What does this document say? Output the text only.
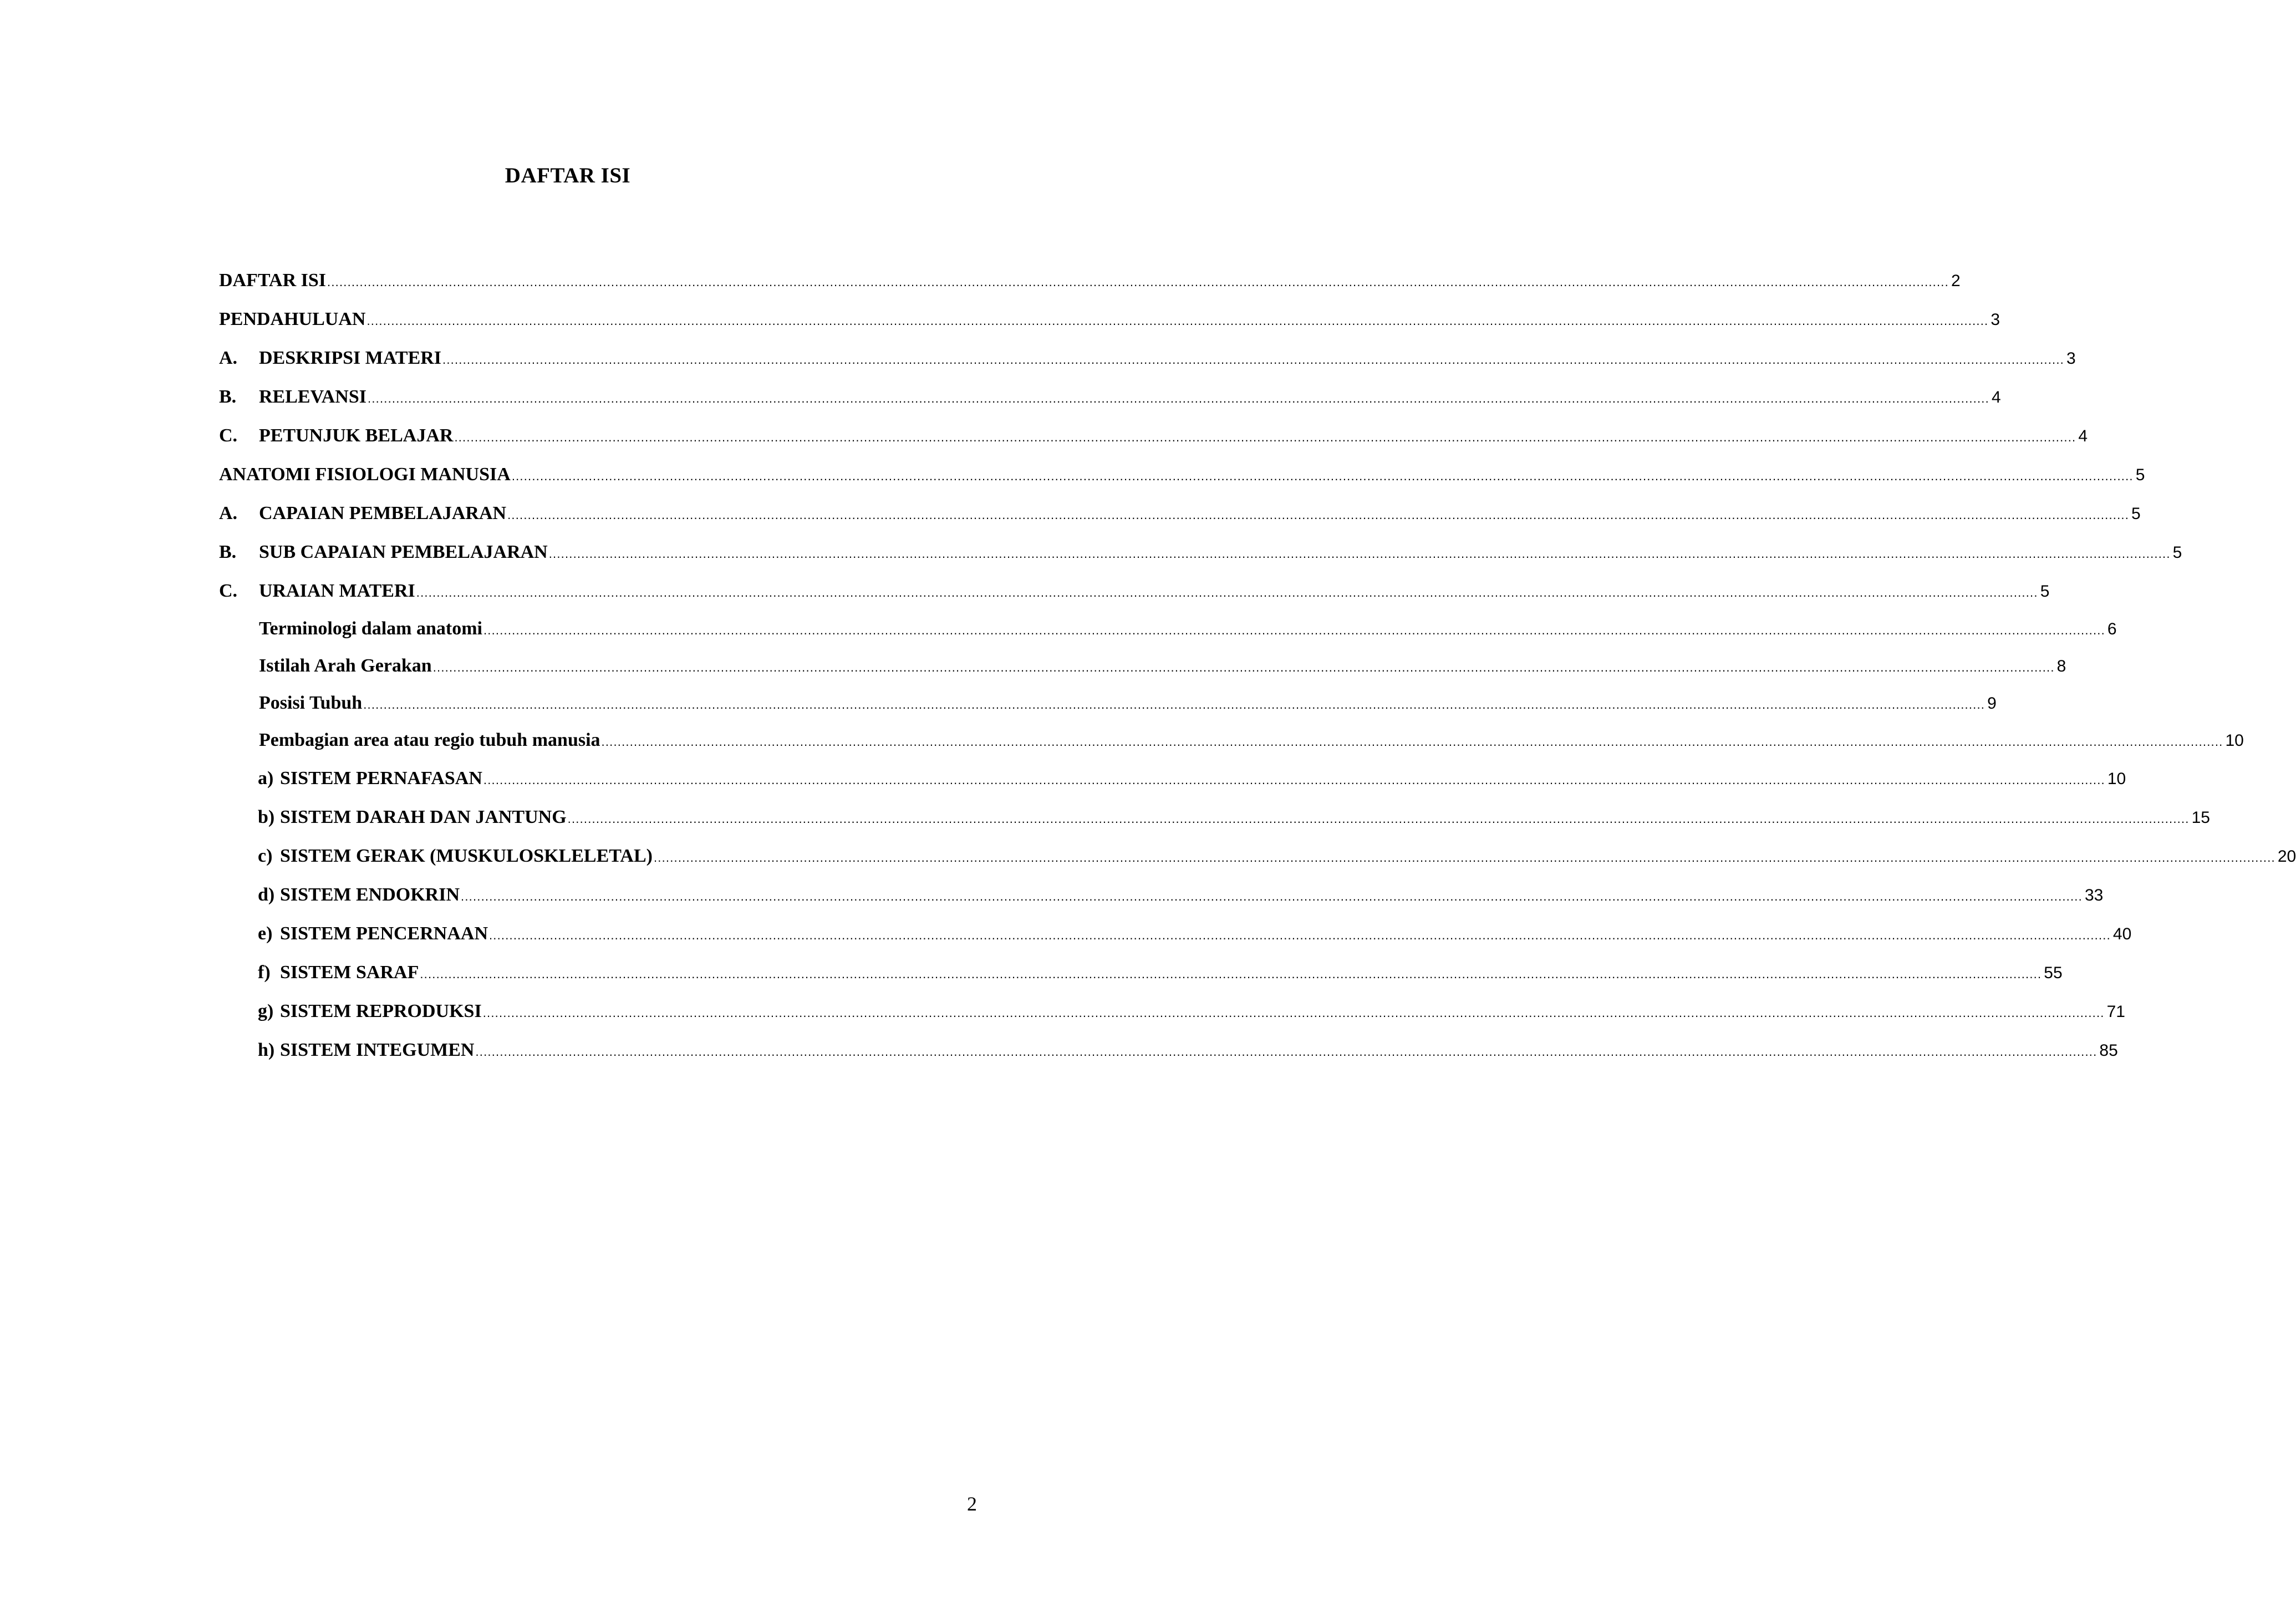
DAFTAR ISI
DAFTAR ISI ................................................................................................................................................................................................................................................................................................................................................................................................................ 2
PENDAHULUAN ................................................................................................................................................................................................................................................................................................................................................................................................................ 3
A.	DESKRIPSI MATERI ................................................................................................................................................................................................................................................................................................................................................................................................................ 3
B.	RELEVANSI ................................................................................................................................................................................................................................................................................................................................................................................................................ 4
C.	PETUNJUK BELAJAR ................................................................................................................................................................................................................................................................................................................................................................................................................ 4
ANATOMI FISIOLOGI MANUSIA ................................................................................................................................................................................................................................................................................................................................................................................................................ 5
A.	CAPAIAN PEMBELAJARAN ................................................................................................................................................................................................................................................................................................................................................................................................................ 5
B.	SUB CAPAIAN PEMBELAJARAN ................................................................................................................................................................................................................................................................................................................................................................................................................ 5
C.	URAIAN MATERI ................................................................................................................................................................................................................................................................................................................................................................................................................ 5
Terminologi dalam anatomi ................................................................................................................................................................................................................................................................................................................................................................................................................ 6
Istilah Arah Gerakan ................................................................................................................................................................................................................................................................................................................................................................................................................ 8
Posisi Tubuh ................................................................................................................................................................................................................................................................................................................................................................................................................ 9
Pembagian area atau regio tubuh manusia ................................................................................................................................................................................................................................................................................................................................................................................................................ 10
a) SISTEM PERNAFASAN ................................................................................................................................................................................................................................................................................................................................................................................................................ 10
b) SISTEM DARAH DAN JANTUNG ................................................................................................................................................................................................................................................................................................................................................................................................................ 15
c) SISTEM GERAK (MUSKULOSKLELETAL) ................................................................................................................................................................................................................................................................................................................................................................................................................ 20
d) SISTEM ENDOKRIN ................................................................................................................................................................................................................................................................................................................................................................................................................ 33
e) SISTEM PENCERNAAN ................................................................................................................................................................................................................................................................................................................................................................................................................ 40
f) SISTEM SARAF ................................................................................................................................................................................................................................................................................................................................................................................................................ 55
g) SISTEM REPRODUKSI ................................................................................................................................................................................................................................................................................................................................................................................................................ 71
h) SISTEM INTEGUMEN ................................................................................................................................................................................................................................................................................................................................................................................................................ 85
2
